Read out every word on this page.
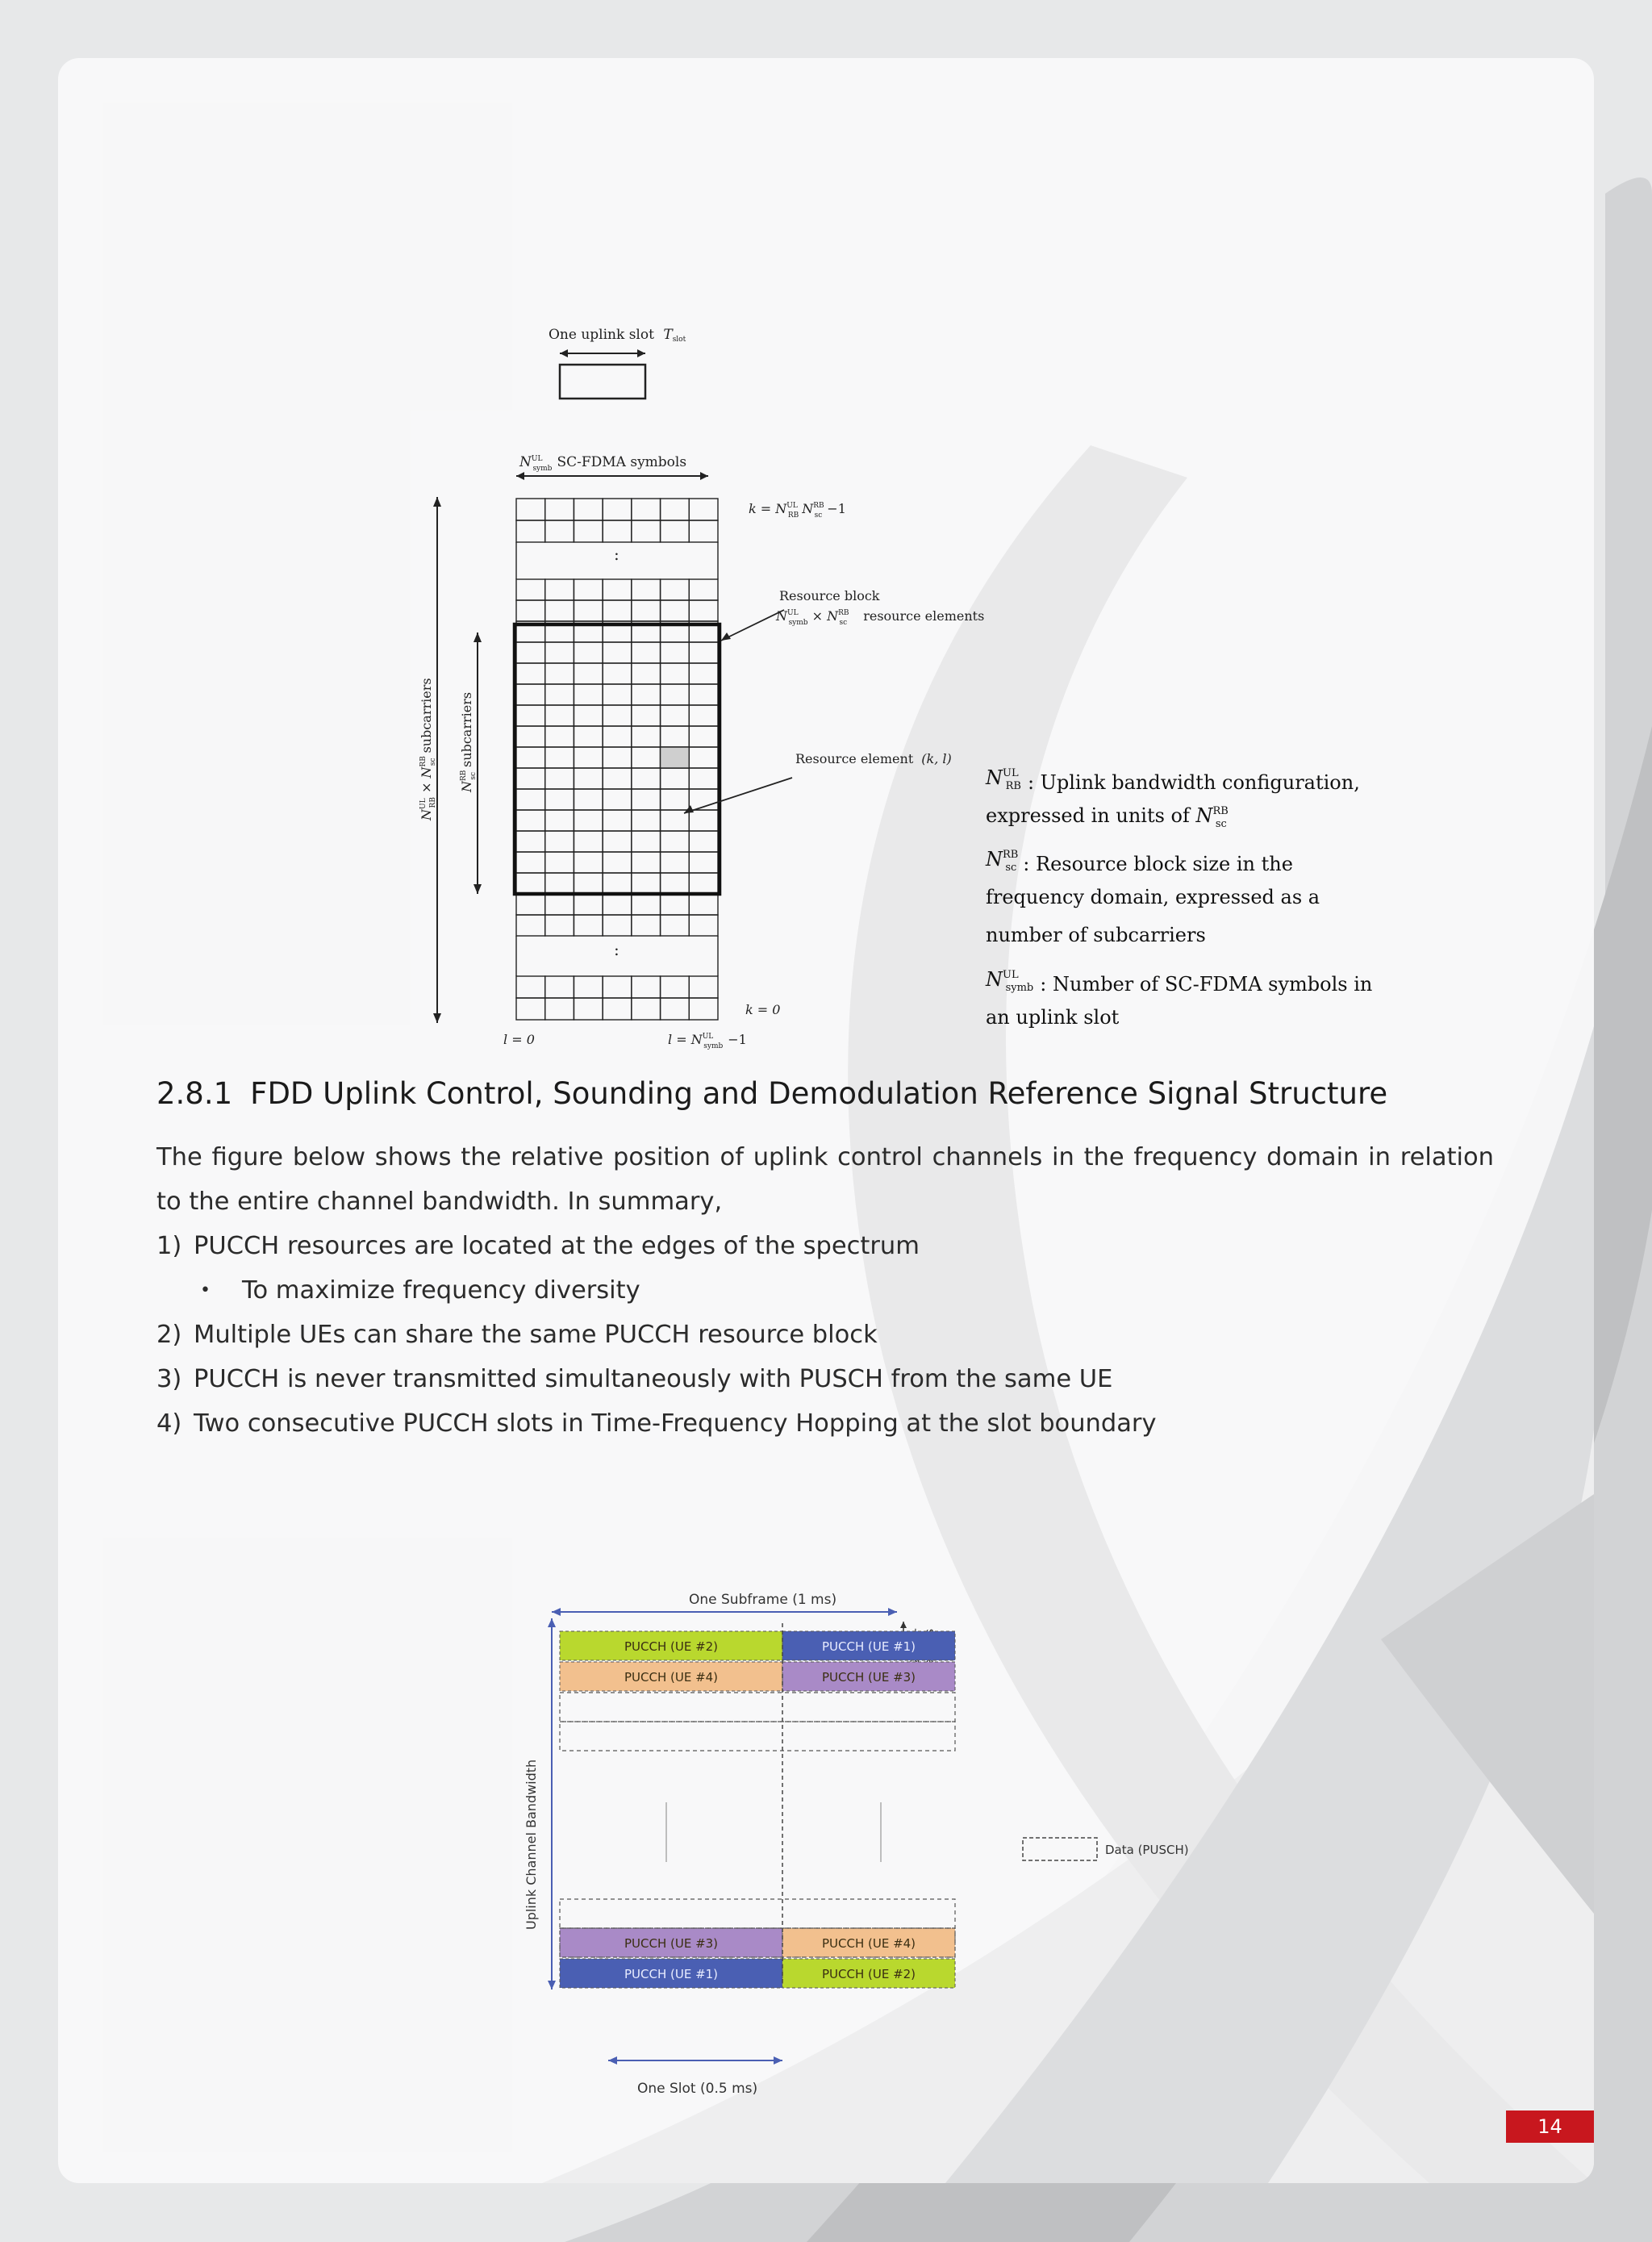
One uplink slot Tslot
$N^{UL}$ symb SC-FDMA symbols
:
:
$N^{UL}$ RB × $N^{RB}$ scsubcarriers
$N^{RB}$ scsubcarriers
$k = N^{UL}$ RB $N^{RB}$ sc −1
k = 0
l = 0	$l = N^{UL}$ symb −1
Resource block
$N^{UL}$ symb × $N^{RB}$ sc resource elements
Resource element (k, l)
$N^{UL}$ RB : Uplink bandwidth configuration,
expressed in units of $N^{RB}$ sc
$N^{RB}$ sc : Resource block size in the
frequency domain, expressed as a
number of subcarriers
$N^{UL}$ symb : Number of SC-FDMA symbols in
an uplink slot
2.8.1 FDD Uplink Control, Sounding and Demodulation Reference Signal Structure
The figure below shows the relative position of uplink control channels in the frequency domain in relation to the entire channel bandwidth. In summary,
1) PUCCH resources are located at the edges of the spectrum
•	To maximize frequency diversity
2) Multiple UEs can share the same PUCCH resource block
3) PUCCH is never transmitted simultaneously with PUSCH from the same UE
4) Two consecutive PUCCH slots in Time-Frequency Hopping at the slot boundary
One Subframe (1 ms)
Uplink Channel Bandwidth
PUCCH (UE #2)	PUCCH (UE #1)
PUCCH (UE #4)	PUCCH (UE #3)
PUCCH (UE #3)	PUCCH (UE #4)
PUCCH (UE #1)	PUCCH (UE #2)
Data (PUSCH)
One Slot (0.5 ms)
14
